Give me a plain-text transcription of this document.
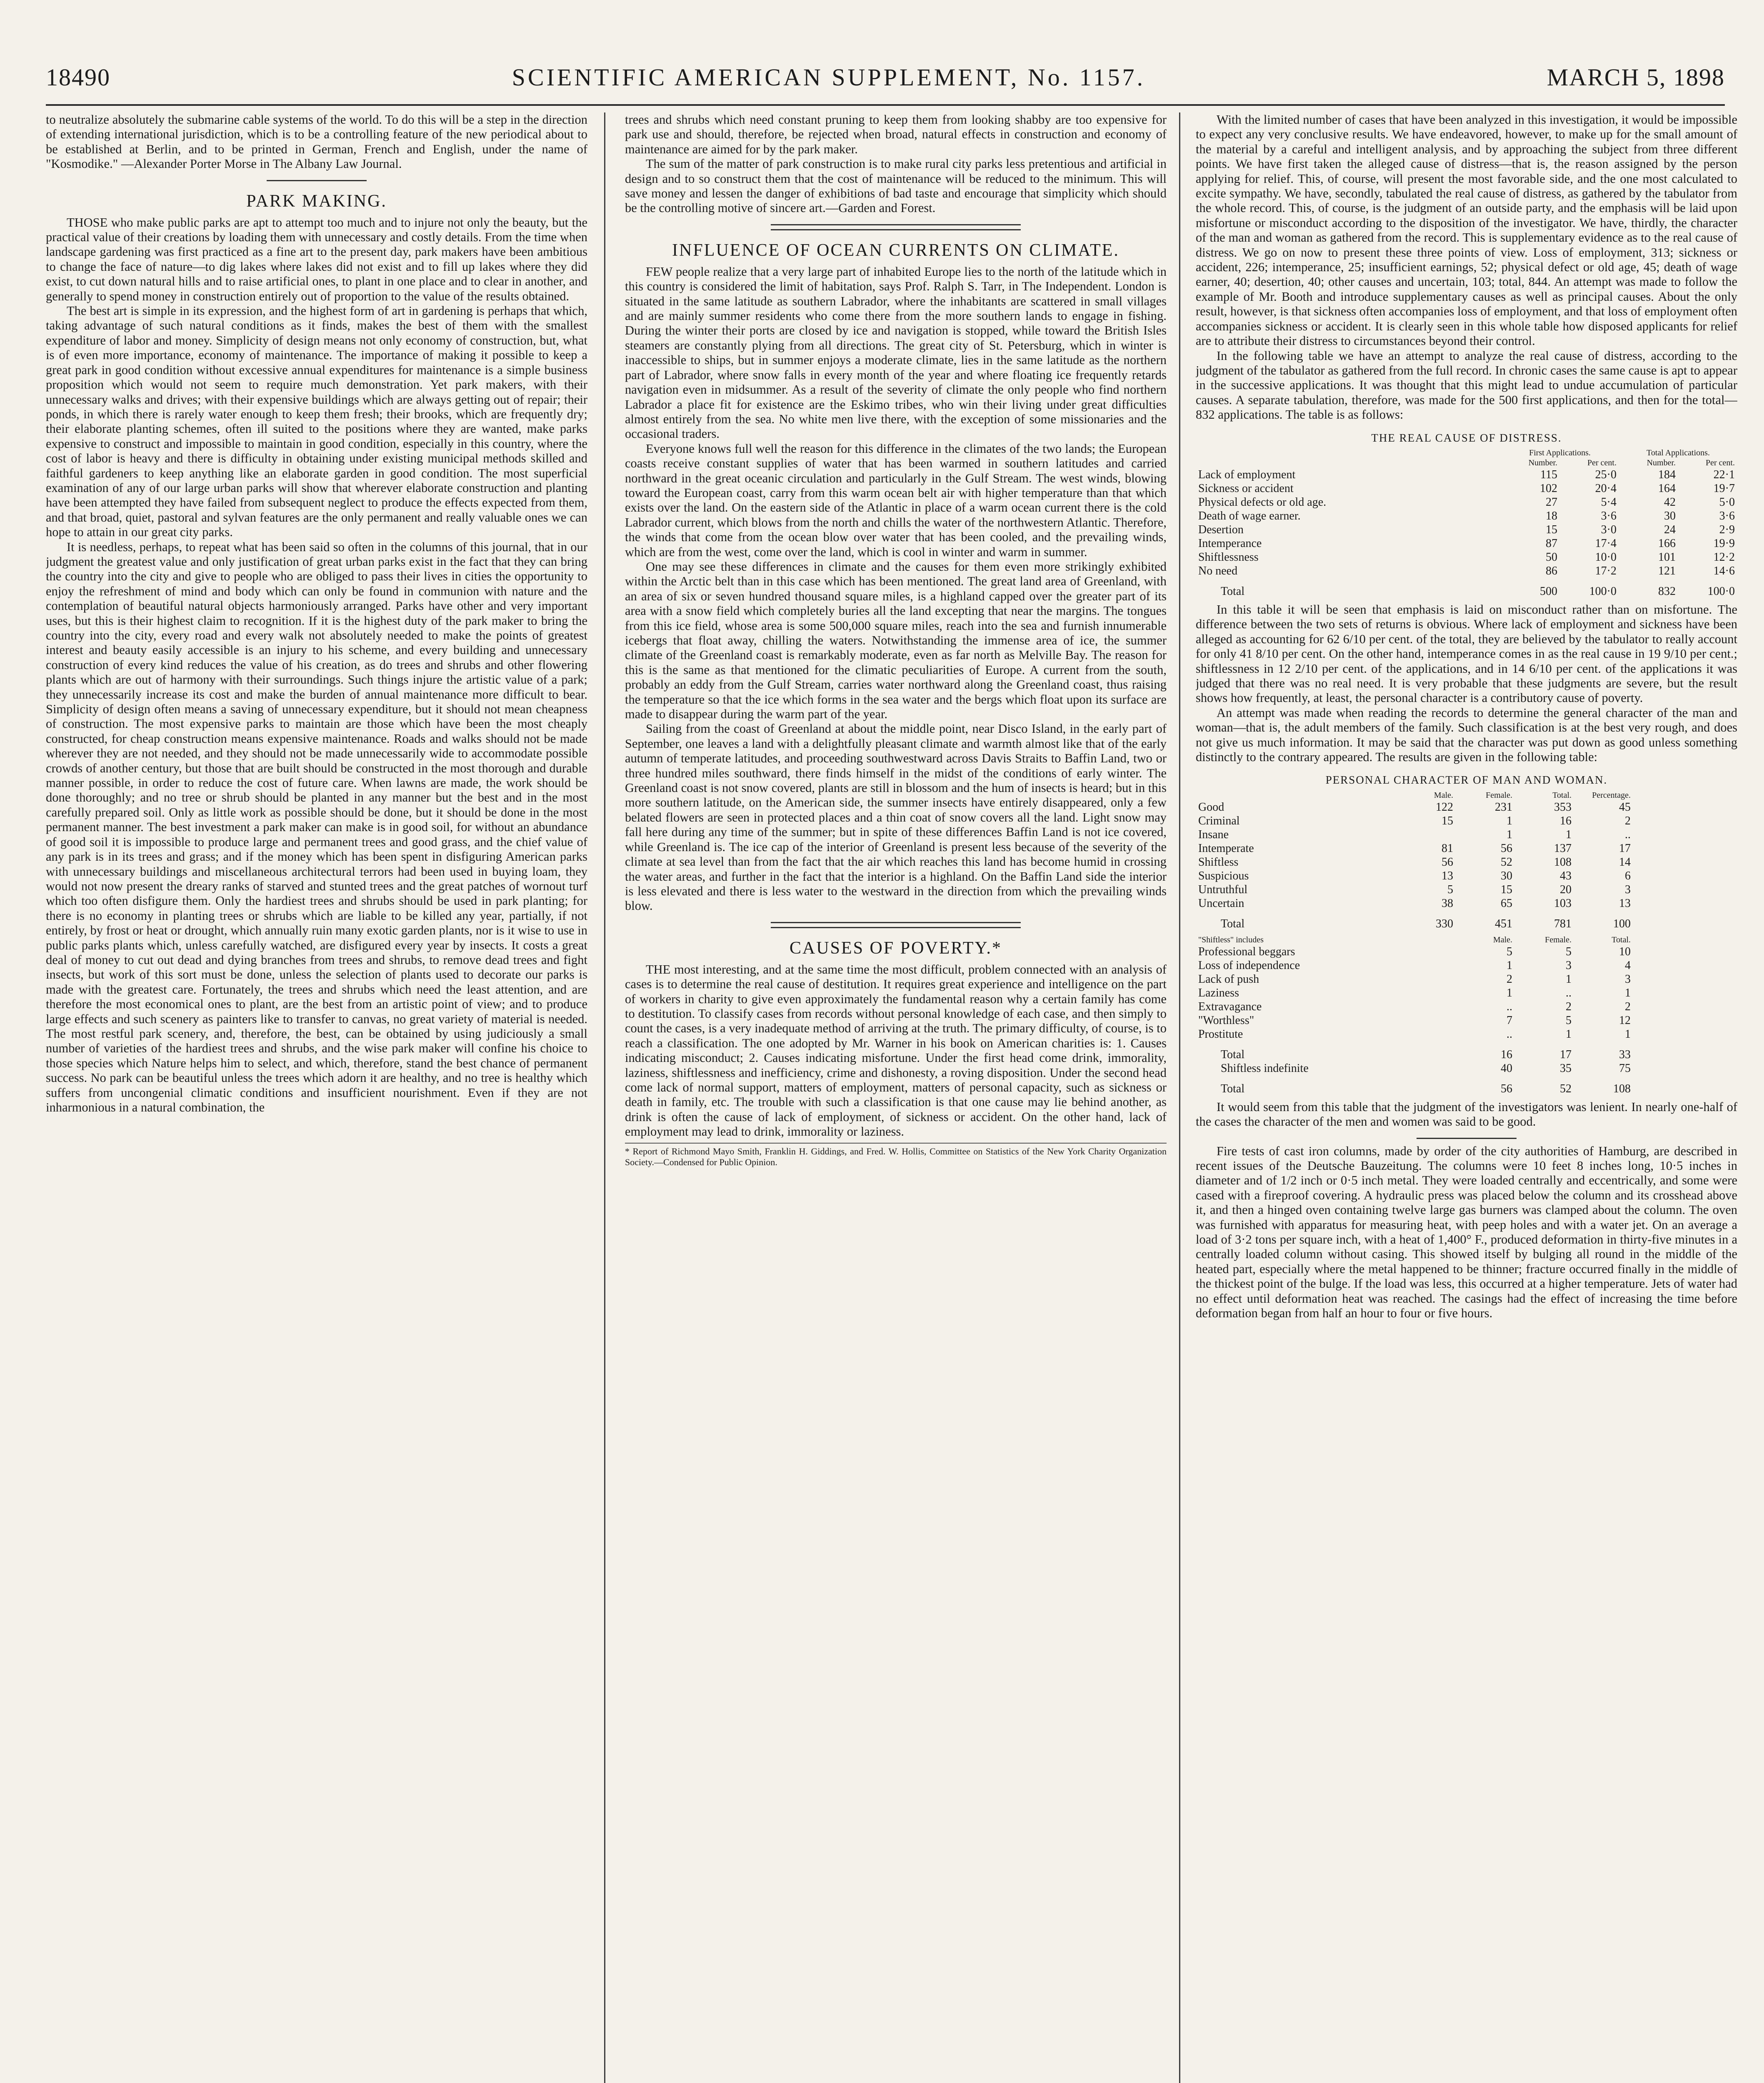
18490	SCIENTIFIC AMERICAN SUPPLEMENT, No. 1157.	MARCH 5, 1898

to neutralize absolutely the submarine cable systems of the world. To do this will be a step in the direction of extending international jurisdiction, which is to be a controlling feature of the new periodical about to be established at Berlin, and to be printed in German, French and English, under the name of "Kosmodike." —Alexander Porter Morse in The Albany Law Journal.

PARK MAKING.

THOSE who make public parks are apt to attempt too much and to injure not only the beauty, but the practical value of their creations by loading them with unnecessary and costly details. From the time when landscape gardening was first practiced as a fine art to the present day, park makers have been ambitious to change the face of nature—to dig lakes where lakes did not exist and to fill up lakes where they did exist, to cut down natural hills and to raise artificial ones, to plant in one place and to clear in another, and generally to spend money in construction entirely out of proportion to the value of the results obtained.

The best art is simple in its expression, and the highest form of art in gardening is perhaps that which, taking advantage of such natural conditions as it finds, makes the best of them with the smallest expenditure of labor and money. Simplicity of design means not only economy of construction, but, what is of even more importance, economy of maintenance. The importance of making it possible to keep a great park in good condition without excessive annual expenditures for maintenance is a simple business proposition which would not seem to require much demonstration. Yet park makers, with their unnecessary walks and drives; with their expensive buildings which are always getting out of repair; their ponds, in which there is rarely water enough to keep them fresh; their brooks, which are frequently dry; their elaborate planting schemes, often ill suited to the positions where they are wanted, make parks expensive to construct and impossible to maintain in good condition, especially in this country, where the cost of labor is heavy and there is difficulty in obtaining under existing municipal methods skilled and faithful gardeners to keep anything like an elaborate garden in good condition. The most superficial examination of any of our large urban parks will show that wherever elaborate construction and planting have been attempted they have failed from subsequent neglect to produce the effects expected from them, and that broad, quiet, pastoral and sylvan features are the only permanent and really valuable ones we can hope to attain in our great city parks.

It is needless, perhaps, to repeat what has been said so often in the columns of this journal, that in our judgment the greatest value and only justification of great urban parks exist in the fact that they can bring the country into the city and give to people who are obliged to pass their lives in cities the opportunity to enjoy the refreshment of mind and body which can only be found in communion with nature and the contemplation of beautiful natural objects harmoniously arranged. Parks have other and very important uses, but this is their highest claim to recognition. If it is the highest duty of the park maker to bring the country into the city, every road and every walk not absolutely needed to make the points of greatest interest and beauty easily accessible is an injury to his scheme, and every building and unnecessary construction of every kind reduces the value of his creation, as do trees and shrubs and other flowering plants which are out of harmony with their surroundings. Such things injure the artistic value of a park; they unnecessarily increase its cost and make the burden of annual maintenance more difficult to bear. Simplicity of design often means a saving of unnecessary expenditure, but it should not mean cheapness of construction. The most expensive parks to maintain are those which have been the most cheaply constructed, for cheap construction means expensive maintenance. Roads and walks should not be made wherever they are not needed, and they should not be made unnecessarily wide to accommodate possible crowds of another century, but those that are built should be constructed in the most thorough and durable manner possible, in order to reduce the cost of future care. When lawns are made, the work should be done thoroughly; and no tree or shrub should be planted in any manner but the best and in the most carefully prepared soil. Only as little work as possible should be done, but it should be done in the most permanent manner. The best investment a park maker can make is in good soil, for without an abundance of good soil it is impossible to produce large and permanent trees and good grass, and the chief value of any park is in its trees and grass; and if the money which has been spent in disfiguring American parks with unnecessary buildings and miscellaneous architectural terrors had been used in buying loam, they would not now present the dreary ranks of starved and stunted trees and the great patches of wornout turf which too often disfigure them. Only the hardiest trees and shrubs should be used in park planting; for there is no economy in planting trees or shrubs which are liable to be killed any year, partially, if not entirely, by frost or heat or drought, which annually ruin many exotic garden plants, nor is it wise to use in public parks plants which, unless carefully watched, are disfigured every year by insects. It costs a great deal of money to cut out dead and dying branches from trees and shrubs, to remove dead trees and fight insects, but work of this sort must be done, unless the selection of plants used to decorate our parks is made with the greatest care. Fortunately, the trees and shrubs which need the least attention, and are therefore the most economical ones to plant, are the best from an artistic point of view; and to produce large effects and such scenery as painters like to transfer to canvas, no great variety of material is needed. The most restful park scenery, and, therefore, the best, can be obtained by using judiciously a small number of varieties of the hardiest trees and shrubs, and the wise park maker will confine his choice to those species which Nature helps him to select, and which, therefore, stand the best chance of permanent success. No park can be beautiful unless the trees which adorn it are healthy, and no tree is healthy which suffers from uncongenial climatic conditions and insufficient nourishment. Even if they are not inharmonious in a natural combination, the

trees and shrubs which need constant pruning to keep them from looking shabby are too expensive for park use and should, therefore, be rejected when broad, natural effects in construction and economy of maintenance are aimed for by the park maker.

The sum of the matter of park construction is to make rural city parks less pretentious and artificial in design and to so construct them that the cost of maintenance will be reduced to the minimum. This will save money and lessen the danger of exhibitions of bad taste and encourage that simplicity which should be the controlling motive of sincere art.—Garden and Forest.

INFLUENCE OF OCEAN CURRENTS ON CLIMATE.

FEW people realize that a very large part of inhabited Europe lies to the north of the latitude which in this country is considered the limit of habitation, says Prof. Ralph S. Tarr, in The Independent. London is situated in the same latitude as southern Labrador, where the inhabitants are scattered in small villages and are mainly summer residents who come there from the more southern lands to engage in fishing. During the winter their ports are closed by ice and navigation is stopped, while toward the British Isles steamers are constantly plying from all directions. The great city of St. Petersburg, which in winter is inaccessible to ships, but in summer enjoys a moderate climate, lies in the same latitude as the northern part of Labrador, where snow falls in every month of the year and where floating ice frequently retards navigation even in midsummer. As a result of the severity of climate the only people who find northern Labrador a place fit for existence are the Eskimo tribes, who win their living under great difficulties almost entirely from the sea. No white men live there, with the exception of some missionaries and the occasional traders.

Everyone knows full well the reason for this difference in the climates of the two lands; the European coasts receive constant supplies of water that has been warmed in southern latitudes and carried northward in the great oceanic circulation and particularly in the Gulf Stream. The west winds, blowing toward the European coast, carry from this warm ocean belt air with higher temperature than that which exists over the land. On the eastern side of the Atlantic in place of a warm ocean current there is the cold Labrador current, which blows from the north and chills the water of the northwestern Atlantic. Therefore, the winds that come from the ocean blow over water that has been cooled, and the prevailing winds, which are from the west, come over the land, which is cool in winter and warm in summer.

One may see these differences in climate and the causes for them even more strikingly exhibited within the Arctic belt than in this case which has been mentioned. The great land area of Greenland, with an area of six or seven hundred thousand square miles, is a highland capped over the greater part of its area with a snow field which completely buries all the land excepting that near the margins. The tongues from this ice field, whose area is some 500,000 square miles, reach into the sea and furnish innumerable icebergs that float away, chilling the waters. Notwithstanding the immense area of ice, the summer climate of the Greenland coast is remarkably moderate, even as far north as Melville Bay. The reason for this is the same as that mentioned for the climatic peculiarities of Europe. A current from the south, probably an eddy from the Gulf Stream, carries water northward along the Greenland coast, thus raising the temperature so that the ice which forms in the sea water and the bergs which float upon its surface are made to disappear during the warm part of the year.

Sailing from the coast of Greenland at about the middle point, near Disco Island, in the early part of September, one leaves a land with a delightfully pleasant climate and warmth almost like that of the early autumn of temperate latitudes, and proceeding southwestward across Davis Straits to Baffin Land, two or three hundred miles southward, there finds himself in the midst of the conditions of early winter. The Greenland coast is not snow covered, plants are still in blossom and the hum of insects is heard; but in this more southern latitude, on the American side, the summer insects have entirely disappeared, only a few belated flowers are seen in protected places and a thin coat of snow covers all the land. Light snow may fall here during any time of the summer; but in spite of these differences Baffin Land is not ice covered, while Greenland is. The ice cap of the interior of Greenland is present less because of the severity of the climate at sea level than from the fact that the air which reaches this land has become humid in crossing the water areas, and further in the fact that the interior is a highland. On the Baffin Land side the interior is less elevated and there is less water to the westward in the direction from which the prevailing winds blow.

CAUSES OF POVERTY.*

THE most interesting, and at the same time the most difficult, problem connected with an analysis of cases is to determine the real cause of destitution. It requires great experience and intelligence on the part of workers in charity to give even approximately the fundamental reason why a certain family has come to destitution. To classify cases from records without personal knowledge of each case, and then simply to count the cases, is a very inadequate method of arriving at the truth. The primary difficulty, of course, is to reach a classification. The one adopted by Mr. Warner in his book on American charities is: 1. Causes indicating misconduct; 2. Causes indicating misfortune. Under the first head come drink, immorality, laziness, shiftlessness and inefficiency, crime and dishonesty, a roving disposition. Under the second head come lack of normal support, matters of employment, matters of personal capacity, such as sickness or death in family, etc. The trouble with such a classification is that one cause may lie behind another, as drink is often the cause of lack of employment, of sickness or accident. On the other hand, lack of employment may lead to drink, immorality or laziness.

* Report of Richmond Mayo Smith, Franklin H. Giddings, and Fred. W. Hollis, Committee on Statistics of the New York Charity Organization Society.—Condensed for Public Opinion.

With the limited number of cases that have been analyzed in this investigation, it would be impossible to expect any very conclusive results. We have endeavored, however, to make up for the small amount of the material by a careful and intelligent analysis, and by approaching the subject from three different points. We have first taken the alleged cause of distress—that is, the reason assigned by the person applying for relief. This, of course, will present the most favorable side, and the one most calculated to excite sympathy. We have, secondly, tabulated the real cause of distress, as gathered by the tabulator from the whole record. This, of course, is the judgment of an outside party, and the emphasis will be laid upon misfortune or misconduct according to the disposition of the investigator. We have, thirdly, the character of the man and woman as gathered from the record. This is supplementary evidence as to the real cause of distress. We go on now to present these three points of view. Loss of employment, 313; sickness or accident, 226; intemperance, 25; insufficient earnings, 52; physical defect or old age, 45; death of wage earner, 40; desertion, 40; other causes and uncertain, 103; total, 844. An attempt was made to follow the example of Mr. Booth and introduce supplementary causes as well as principal causes. About the only result, however, is that sickness often accompanies loss of employment, and that loss of employment often accompanies sickness or accident. It is clearly seen in this whole table how disposed applicants for relief are to attribute their distress to circumstances beyond their control.

In the following table we have an attempt to analyze the real cause of distress, according to the judgment of the tabulator as gathered from the full record. In chronic cases the same cause is apt to appear in the successive applications. It was thought that this might lead to undue accumulation of particular causes. A separate tabulation, therefore, was made for the 500 first applications, and then for the total—832 applications. The table is as follows:

THE REAL CAUSE OF DISTRESS.
	First Applications.		Total Applications.	
	Number.	Per cent.	Number.	Per cent.
Lack of employment	115	25·0	184	22·1
Sickness or accident	102	20·4	164	19·7
Physical defects or old age.	27	5·4	42	5·0
Death of wage earner.	18	3·6	30	3·6
Desertion	15	3·0	24	2·9
Intemperance	87	17·4	166	19·9
Shiftlessness	50	10·0	101	12·2
No need	86	17·2	121	14·6
Total	500	100·0	832	100·0

In this table it will be seen that emphasis is laid on misconduct rather than on misfortune. The difference between the two sets of returns is obvious. Where lack of employment and sickness have been alleged as accounting for 62 6/10 per cent. of the total, they are believed by the tabulator to really account for only 41 8/10 per cent. On the other hand, intemperance comes in as the real cause in 19 9/10 per cent.; shiftlessness in 12 2/10 per cent. of the applications, and in 14 6/10 per cent. of the applications it was judged that there was no real need. It is very probable that these judgments are severe, but the result shows how frequently, at least, the personal character is a contributory cause of poverty.

An attempt was made when reading the records to determine the general character of the man and woman—that is, the adult members of the family. Such classification is at the best very rough, and does not give us much information. It may be said that the character was put down as good unless something distinctly to the contrary appeared. The results are given in the following table:

PERSONAL CHARACTER OF MAN AND WOMAN.
	Male.	Female.	Total.	Percentage.
Good	122	231	353	45
Criminal	15	1	16	2
Insane		1	1	..
Intemperate	81	56	137	17
Shiftless	56	52	108	14
Suspicious	13	30	43	6
Untruthful	5	15	20	3
Uncertain	38	65	103	13
Total	330	451	781	100
"Shiftless" includes	Male.	Female.	Total.
Professional beggars	5	5	10
Loss of independence	1	3	4
Lack of push	2	1	3
Laziness	1	..	1
Extravagance	..	2	2
"Worthless"	7	5	12
Prostitute	..	1	1
Total	16	17	33
Shiftless indefinite	40	35	75
Total	56	52	108

It would seem from this table that the judgment of the investigators was lenient. In nearly one-half of the cases the character of the men and women was said to be good.

Fire tests of cast iron columns, made by order of the city authorities of Hamburg, are described in recent issues of the Deutsche Bauzeitung. The columns were 10 feet 8 inches long, 10·5 inches in diameter and of 1/2 inch or 0·5 inch metal. They were loaded centrally and eccentrically, and some were cased with a fireproof covering. A hydraulic press was placed below the column and its crosshead above it, and then a hinged oven containing twelve large gas burners was clamped about the column. The oven was furnished with apparatus for measuring heat, with peep holes and with a water jet. On an average a load of 3·2 tons per square inch, with a heat of 1,400° F., produced deformation in thirty-five minutes in a centrally loaded column without casing. This showed itself by bulging all round in the middle of the heated part, especially where the metal happened to be thinner; fracture occurred finally in the middle of the thickest point of the bulge. If the load was less, this occurred at a higher temperature. Jets of water had no effect until deformation heat was reached. The casings had the effect of increasing the time before deformation began from half an hour to four or five hours.
